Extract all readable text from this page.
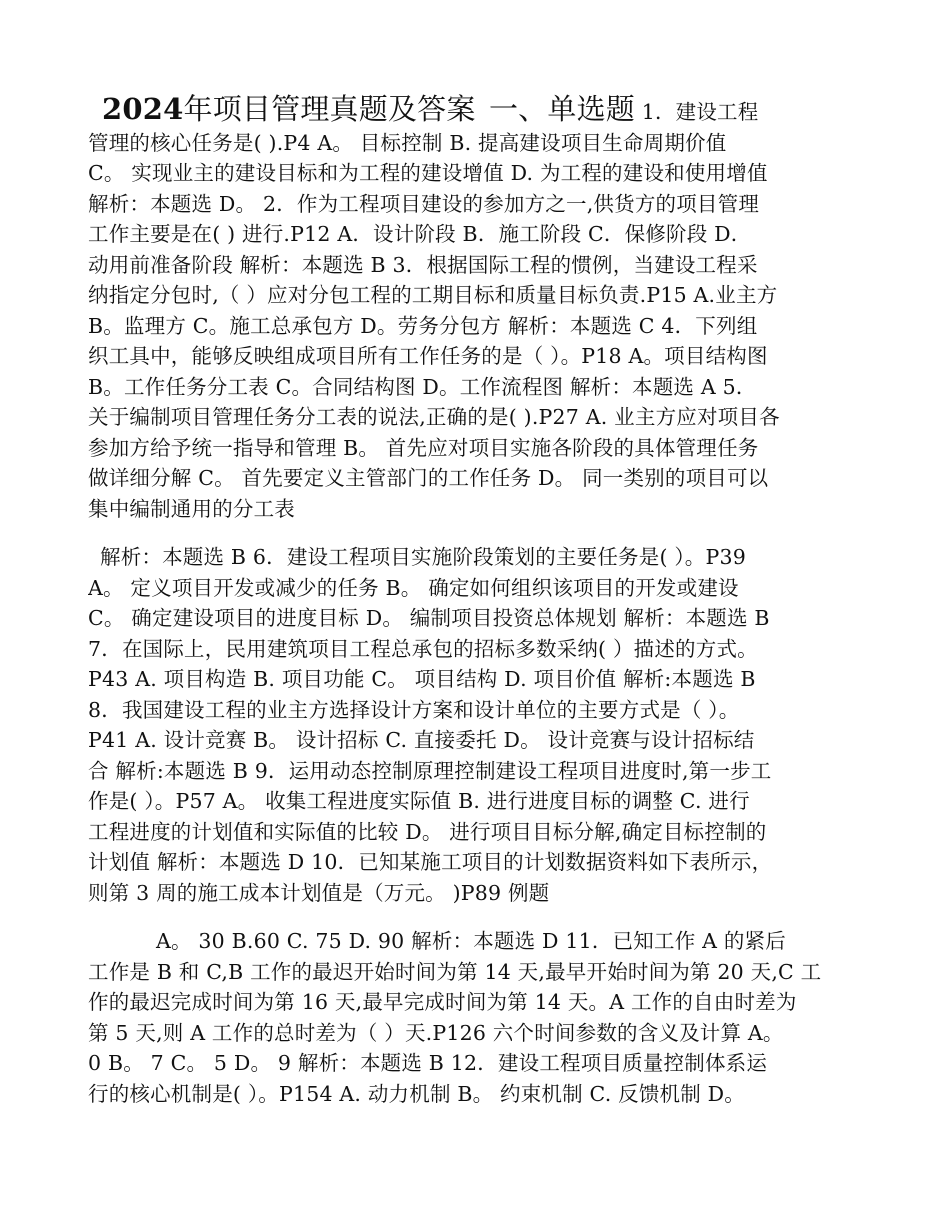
2024年项目管理真题及答案 一、单选题 1．建设工程
管理的核心任务是( ).P4 A。 目标控制 B. 提高建设项目生命周期价值
C。 实现业主的建设目标和为工程的建设增值 D. 为工程的建设和使用增值
解析：本题选 D。 2．作为工程项目建设的参加方之一,供货方的项目管理
工作主要是在( ) 进行.P12 A．设计阶段 B．施工阶段 C．保修阶段 D．
动用前准备阶段 解析：本题选 B 3．根据国际工程的惯例，当建设工程采
纳指定分包时,（ ）应对分包工程的工期目标和质量目标负责.P15 A.业主方
B。监理方 C。施工总承包方 D。劳务分包方 解析：本题选 C 4．下列组
织工具中，能够反映组成项目所有工作任务的是（ ）。P18 A。项目结构图
B。工作任务分工表 C。合同结构图 D。工作流程图 解析：本题选 A 5．
关于编制项目管理任务分工表的说法,正确的是( ).P27 A. 业主方应对项目各
参加方给予统一指导和管理 B。 首先应对项目实施各阶段的具体管理任务
做详细分解 C。 首先要定义主管部门的工作任务 D。 同一类别的项目可以
集中编制通用的分工表
解析：本题选 B 6．建设工程项目实施阶段策划的主要任务是( ）。P39
A。 定义项目开发或减少的任务 B。 确定如何组织该项目的开发或建设
C。 确定建设项目的进度目标 D。 编制项目投资总体规划 解析：本题选 B
7．在国际上，民用建筑项目工程总承包的招标多数采纳( ）描述的方式。
P43 A. 项目构造 B. 项目功能 C。 项目结构 D. 项目价值 解析:本题选 B
8．我国建设工程的业主方选择设计方案和设计单位的主要方式是（ ）。
P41 A. 设计竞赛 B。 设计招标 C. 直接委托 D。 设计竞赛与设计招标结
合 解析:本题选 B 9．运用动态控制原理控制建设工程项目进度时,第一步工
作是( ）。P57 A。 收集工程进度实际值 B. 进行进度目标的调整 C. 进行
工程进度的计划值和实际值的比较 D。 进行项目目标分解,确定目标控制的
计划值 解析：本题选 D 10．已知某施工项目的计划数据资料如下表所示，
则第 3 周的施工成本计划值是（万元。 )P89 例题
A。 30 B.60 C. 75 D. 90 解析：本题选 D 11．已知工作 A 的紧后
工作是 B 和 C,B 工作的最迟开始时间为第 14 天,最早开始时间为第 20 天,C 工
作的最迟完成时间为第 16 天,最早完成时间为第 14 天。A 工作的自由时差为
第 5 天,则 A 工作的总时差为（ ）天.P126 六个时间参数的含义及计算 A。
0 B。 7 C。 5 D。 9 解析：本题选 B 12．建设工程项目质量控制体系运
行的核心机制是( ）。P154 A. 动力机制 B。 约束机制 C. 反馈机制 D。
